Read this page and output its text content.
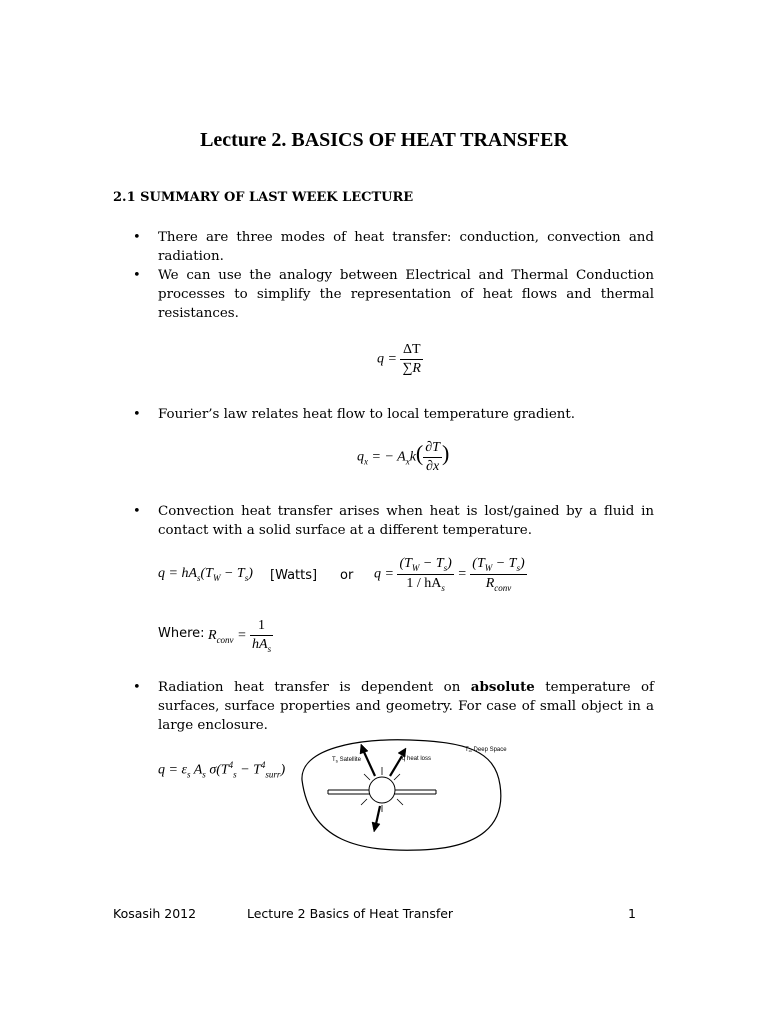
Lecture 2. BASICS OF HEAT TRANSFER
2.1 SUMMARY OF LAST WEEK LECTURE
• There are three modes of heat transfer: conduction, convection and radiation.
• We can use the analogy between Electrical and Thermal Conduction processes to simplify the representation of heat flows and thermal resistances.
$q = \frac{\Delta T}{\sum R}$
• Fourier’s law relates heat flow to local temperature gradient.
$q_x$ = − $A_xk( \frac{\partial T}{\partial x}$ )
• Convection heat transfer arises when heat is lost/gained by a fluid in contact with a solid surface at a different temperature.
$q = hA_s(T_W - T_s)$ [Watts] or $q = \frac{(T_W - T_s)}{1 / hA_s} = \frac{(T_W - T_s)}{R_{conv}}$
Where: $R_{conv} = \frac{1}{hA_s}$
• Radiation heat transfer is dependent on absolute temperature of surfaces, surface properties and geometry. For case of small object in a large enclosure.
$q = \varepsilon_s$ $A_s$ $\sigma(T^4_s - T^4_{surr})$
$T_s$ Satellite	q heat loss
$T_\infty$ Deep Space
Kosasih 2012	Lecture 2 Basics of Heat Transfer	1
